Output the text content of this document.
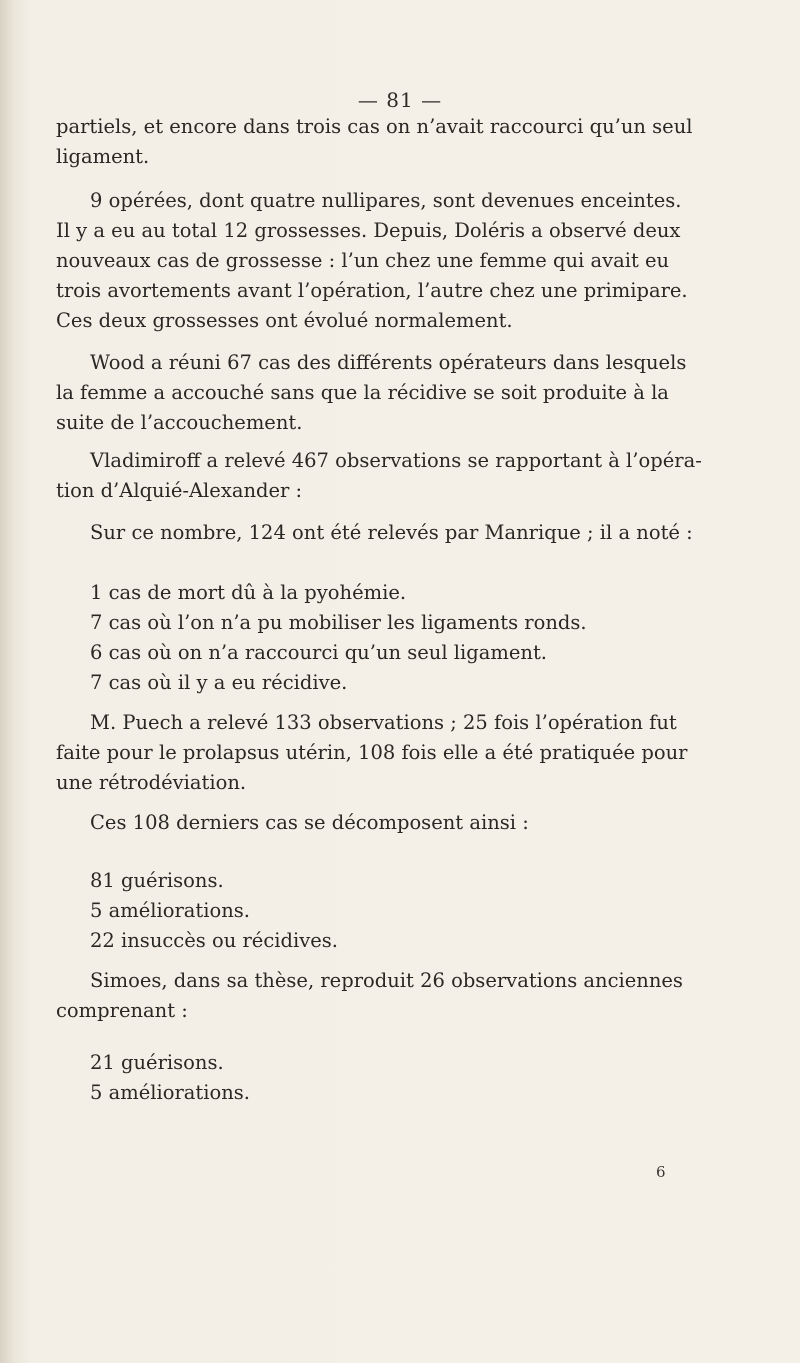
— 81 —

partiels, et encore dans trois cas on n’avait raccourci qu’un seul

ligament.

9 opérées, dont quatre nullipares, sont devenues enceintes.

Il y a eu au total 12 grossesses. Depuis, Doléris a observé deux

nouveaux cas de grossesse : l’un chez une femme qui avait eu

trois avortements avant l’opération, l’autre chez une primipare.

Ces deux grossesses ont évolué normalement.

Wood a réuni 67 cas des différents opérateurs dans lesquels

la femme a accouché sans que la récidive se soit produite à la

suite de l’accouchement.

Vladimiroff a relevé 467 observations se rapportant à l’opéra-

tion d’Alquié-Alexander :

Sur ce nombre, 124 ont été relevés par Manrique ; il a noté :

1 cas de mort dû à la pyohémie.

7 cas où l’on n’a pu mobiliser les ligaments ronds.

6 cas où on n’a raccourci qu’un seul ligament.

7 cas où il y a eu récidive.

M. Puech a relevé 133 observations ; 25 fois l’opération fut

faite pour le prolapsus utérin, 108 fois elle a été pratiquée pour

une rétrodéviation.

Ces 108 derniers cas se décomposent ainsi :

81 guérisons.

5 améliorations.

22 insuccès ou récidives.

Simoes, dans sa thèse, reproduit 26 observations anciennes

comprenant :

21 guérisons.

5 améliorations.

6
